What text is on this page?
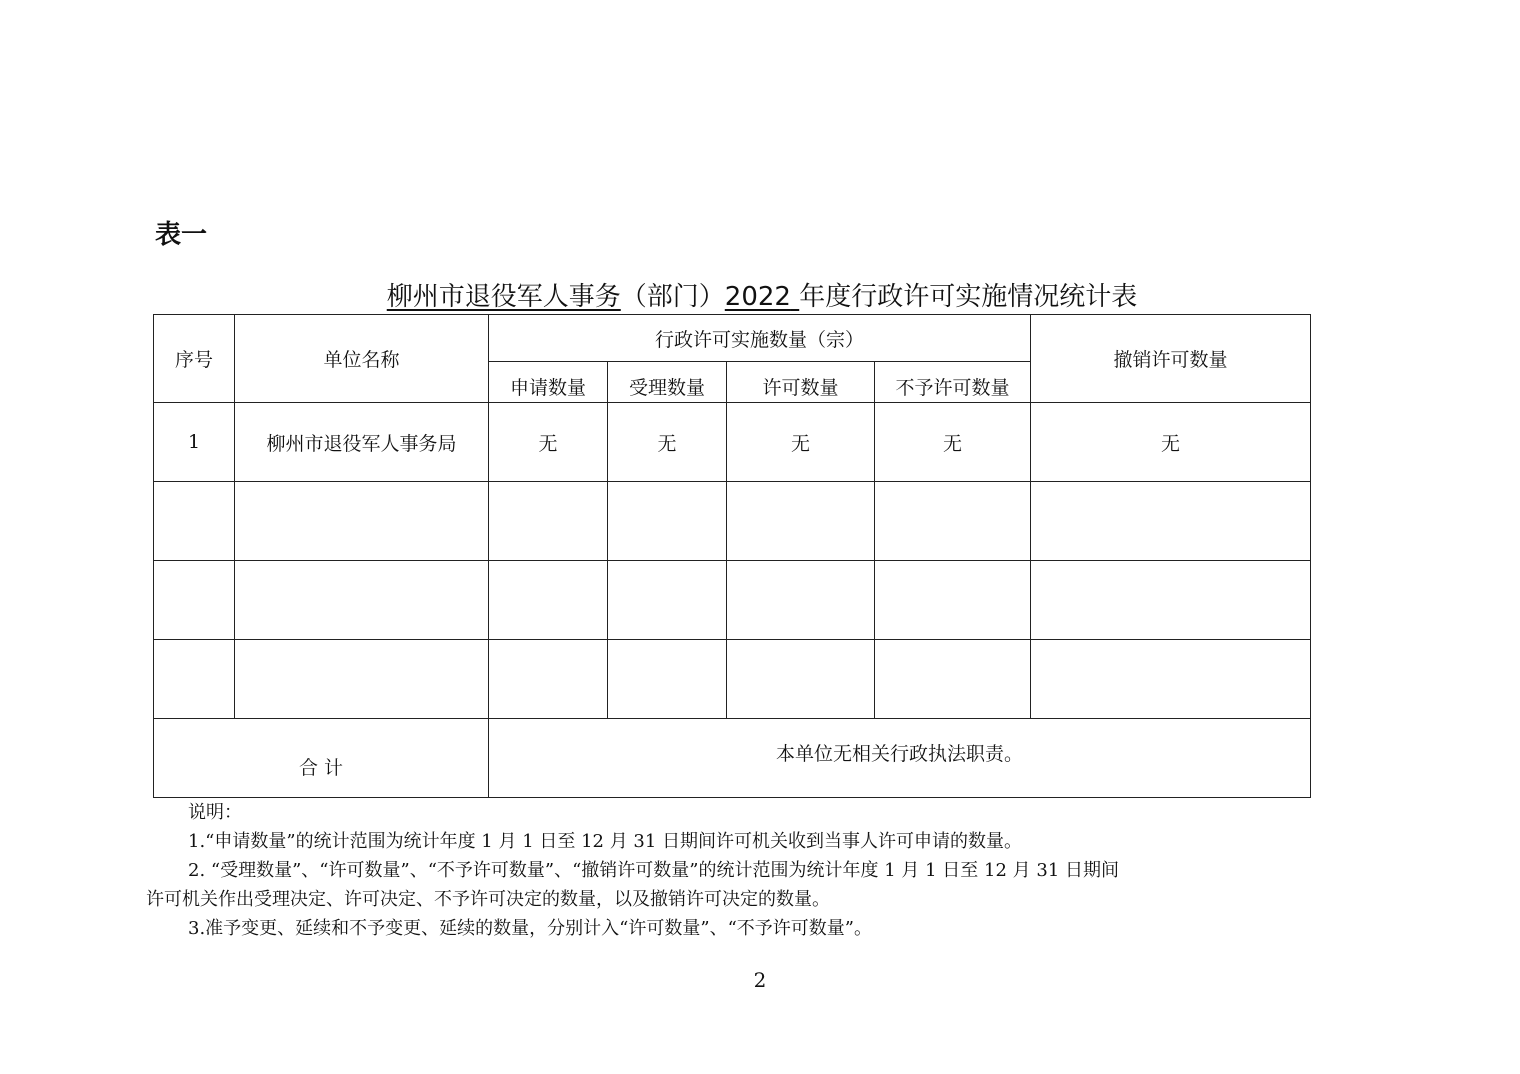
表一
柳州市退役军人事务（部门）2022 年度行政许可实施情况统计表
序号	单位名称	行政许可实施数量（宗）				撤销许可数量
		申请数量	受理数量	许可数量	不予许可数量	
1	柳州市退役军人事务局	无	无	无	无	无

合 计		本单位无相关行政执法职责。				
说明：
1.“申请数量”的统计范围为统计年度 1 月 1 日至 12 月 31 日期间许可机关收到当事人许可申请的数量。
2. “受理数量”、“许可数量”、“不予许可数量”、“撤销许可数量”的统计范围为统计年度 1 月 1 日至 12 月 31 日期间
许可机关作出受理决定、许可决定、不予许可决定的数量，以及撤销许可决定的数量。
3.准予变更、延续和不予变更、延续的数量，分别计入“许可数量”、“不予许可数量”。
2
